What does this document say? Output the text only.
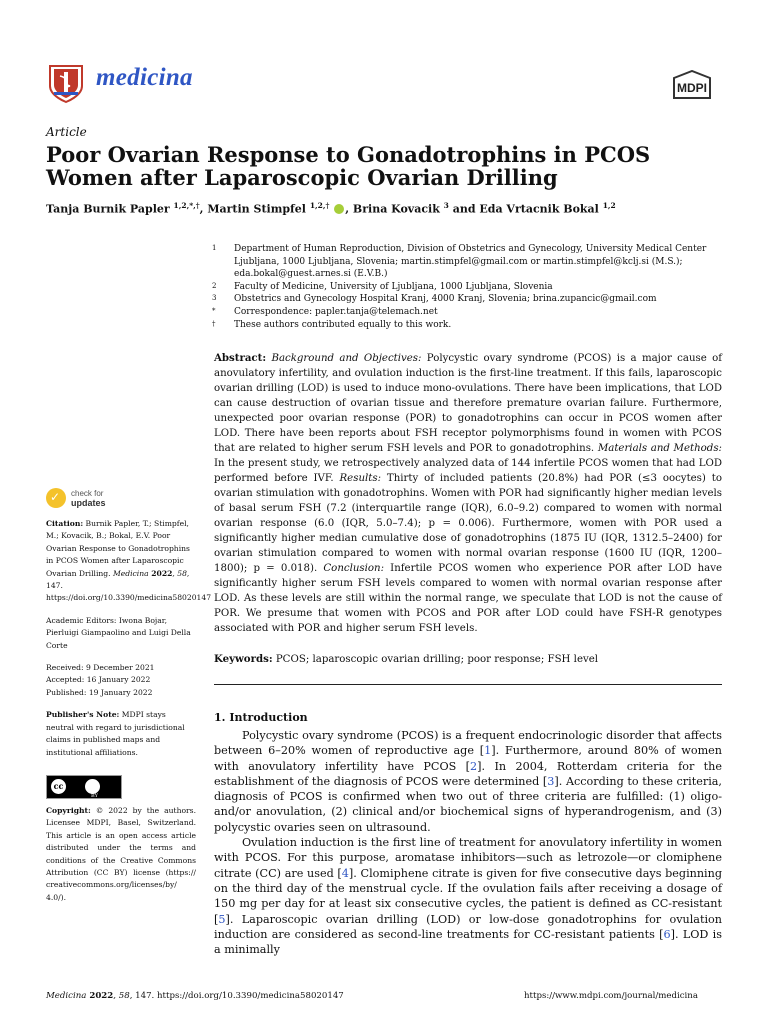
medicina	MDPI
Article
Poor Ovarian Response to Gonadotrophins in PCOS Women after Laparoscopic Ovarian Drilling
Tanja Burnik Papler $^{1,2,*,\dagger}$, Martin Stimpfel $^{1,2,\dagger}$ , Brina Kovacik $^3$ and Eda Vrtacnik Bokal $^{1,2}$
1	Department of Human Reproduction, Division of Obstetrics and Gynecology, University Medical Center Ljubljana, 1000 Ljubljana, Slovenia; martin.stimpfel@gmail.com or martin.stimpfel@kclj.si (M.S.); eda.bokal@guest.arnes.si (E.V.B.)
2	Faculty of Medicine, University of Ljubljana, 1000 Ljubljana, Slovenia
3	Obstetrics and Gynecology Hospital Kranj, 4000 Kranj, Slovenia; brina.zupancic@gmail.com
*	Correspondence: papler.tanja@telemach.net
†	These authors contributed equally to this work.
Abstract: Background and Objectives: Polycystic ovary syndrome (PCOS) is a major cause of anovulatory infertility, and ovulation induction is the first-line treatment. If this fails, laparoscopic ovarian drilling (LOD) is used to induce mono-ovulations. There have been implications, that LOD can cause destruction of ovarian tissue and therefore premature ovarian failure. Furthermore, unexpected poor ovarian response (POR) to gonadotrophins can occur in PCOS women after LOD. There have been reports about FSH receptor polymorphisms found in women with PCOS that are related to higher serum FSH levels and POR to gonadotrophins. Materials and Methods: In the present study, we retrospectively analyzed data of 144 infertile PCOS women that had LOD performed before IVF. Results: Thirty of included patients (20.8%) had POR (≤3 oocytes) to ovarian stimulation with gonadotrophins. Women with POR had significantly higher median levels of basal serum FSH (7.2 (interquartile range (IQR), 6.0–9.2) compared to women with normal ovarian response (6.0 (IQR, 5.0–7.4); p = 0.006). Furthermore, women with POR used a significantly higher median cumulative dose of gonadotrophins (1875 IU (IQR, 1312.5–2400) for ovarian stimulation compared to women with normal ovarian response (1600 IU (IQR, 1200–1800); p = 0.018). Conclusion: Infertile PCOS women who experience POR after LOD have significantly higher serum FSH levels compared to women with normal ovarian response after LOD. As these levels are still within the normal range, we speculate that LOD is not the cause of POR. We presume that women with PCOS and POR after LOD could have FSH-R genotypes associated with POR and higher serum FSH levels.
Keywords: PCOS; laparoscopic ovarian drilling; poor response; FSH level
1. Introduction

Polycystic ovary syndrome (PCOS) is a frequent endocrinologic disorder that affects between 6–20% women of reproductive age [1]. Furthermore, around 80% of women with anovulatory infertility have PCOS [2]. In 2004, Rotterdam criteria for the establishment of the diagnosis of PCOS were determined [3]. According to these criteria, diagnosis of PCOS is confirmed when two out of three criteria are fulfilled: (1) oligo- and/or anovulation, (2) clinical and/or biochemical signs of hyperandrogenism, and (3) polycystic ovaries seen on ultrasound.

Ovulation induction is the first line of treatment for anovulatory infertility in women with PCOS. For this purpose, aromatase inhibitors—such as letrozole—or clomiphene citrate (CC) are used [4]. Clomiphene citrate is given for five consecutive days beginning on the third day of the menstrual cycle. If the ovulation fails after receiving a dosage of 150 mg per day for at least six consecutive cycles, the patient is defined as CC-resistant [5]. Laparoscopic ovarian drilling (LOD) or low-dose gonadotrophins for ovulation induction are considered as second-line treatments for CC-resistant patients [6]. LOD is a minimally

✓ check for
updates

Citation: Burnik Papler, T.; Stimpfel, M.; Kovacik, B.; Bokal, E.V. Poor Ovarian Response to Gonadotrophins in PCOS Women after Laparoscopic Ovarian Drilling. Medicina 2022, 58, 147. https://doi.org/10.3390/medicina58020147

Academic Editors: Iwona Bojar, Pierluigi Giampaolino and Luigi Della Corte

Received: 9 December 2021

Accepted: 16 January 2022

Published: 19 January 2022

Publisher's Note: MDPI stays neutral with regard to jurisdictional claims in published maps and institutional affiliations.

cc
BY

Copyright: © 2022 by the authors. Licensee MDPI, Basel, Switzerland. This article is an open access article distributed under the terms and conditions of the Creative Commons Attribution (CC BY) license (https:// creativecommons.org/licenses/by/ 4.0/).

Medicina 2022, 58, 147. https://doi.org/10.3390/medicina58020147	https://www.mdpi.com/journal/medicina
